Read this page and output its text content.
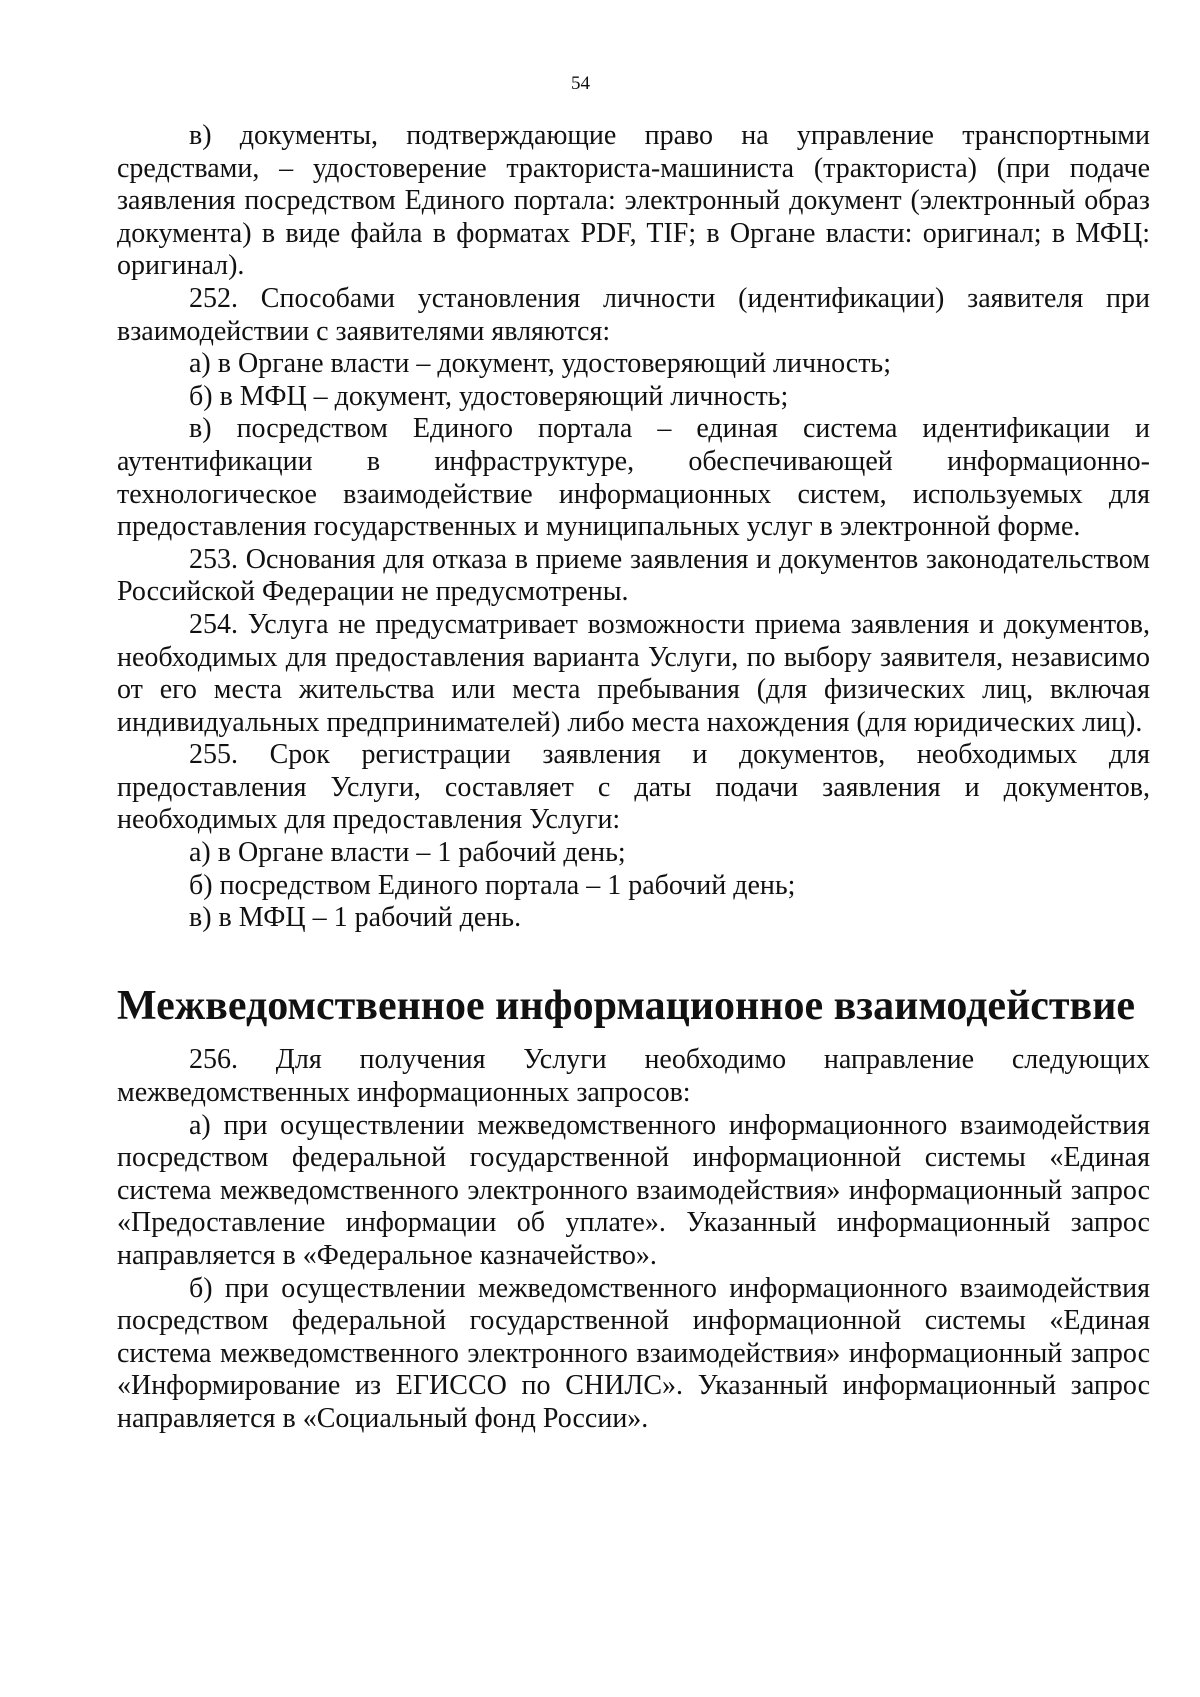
54

в) документы, подтверждающие право на управление транспортными средствами, – удостоверение тракториста-машиниста (тракториста) (при подаче заявления посредством Единого портала: электронный документ (электронный образ документа) в виде файла в форматах PDF, TIF; в Органе власти: оригинал; в МФЦ: оригинал).

252. Способами установления личности (идентификации) заявителя при взаимодействии с заявителями являются:

а) в Органе власти – документ, удостоверяющий личность;

б) в МФЦ – документ, удостоверяющий личность;

в) посредством Единого портала – единая система идентификации и аутентификации в инфраструктуре, обеспечивающей информационно-технологическое взаимодействие информационных систем, используемых для предоставления государственных и муниципальных услуг в электронной форме.

253. Основания для отказа в приеме заявления и документов законодательством Российской Федерации не предусмотрены.

254. Услуга не предусматривает возможности приема заявления и документов, необходимых для предоставления варианта Услуги, по выбору заявителя, независимо от его места жительства или места пребывания (для физических лиц, включая индивидуальных предпринимателей) либо места нахождения (для юридических лиц).

255. Срок регистрации заявления и документов, необходимых для предоставления Услуги, составляет с даты подачи заявления и документов, необходимых для предоставления Услуги:

а) в Органе власти – 1 рабочий день;

б) посредством Единого портала – 1 рабочий день;

в) в МФЦ – 1 рабочий день.

Межведомственное информационное взаимодействие

256. Для получения Услуги необходимо направление следующих межведомственных информационных запросов:

а) при осуществлении межведомственного информационного взаимодействия посредством федеральной государственной информационной системы «Единая система межведомственного электронного взаимодействия» информационный запрос «Предоставление информации об уплате». Указанный информационный запрос направляется в «Федеральное казначейство».

б) при осуществлении межведомственного информационного взаимодействия посредством федеральной государственной информационной системы «Единая система межведомственного электронного взаимодействия» информационный запрос «Информирование из ЕГИССО по СНИЛС». Указанный информационный запрос направляется в «Социальный фонд России».
